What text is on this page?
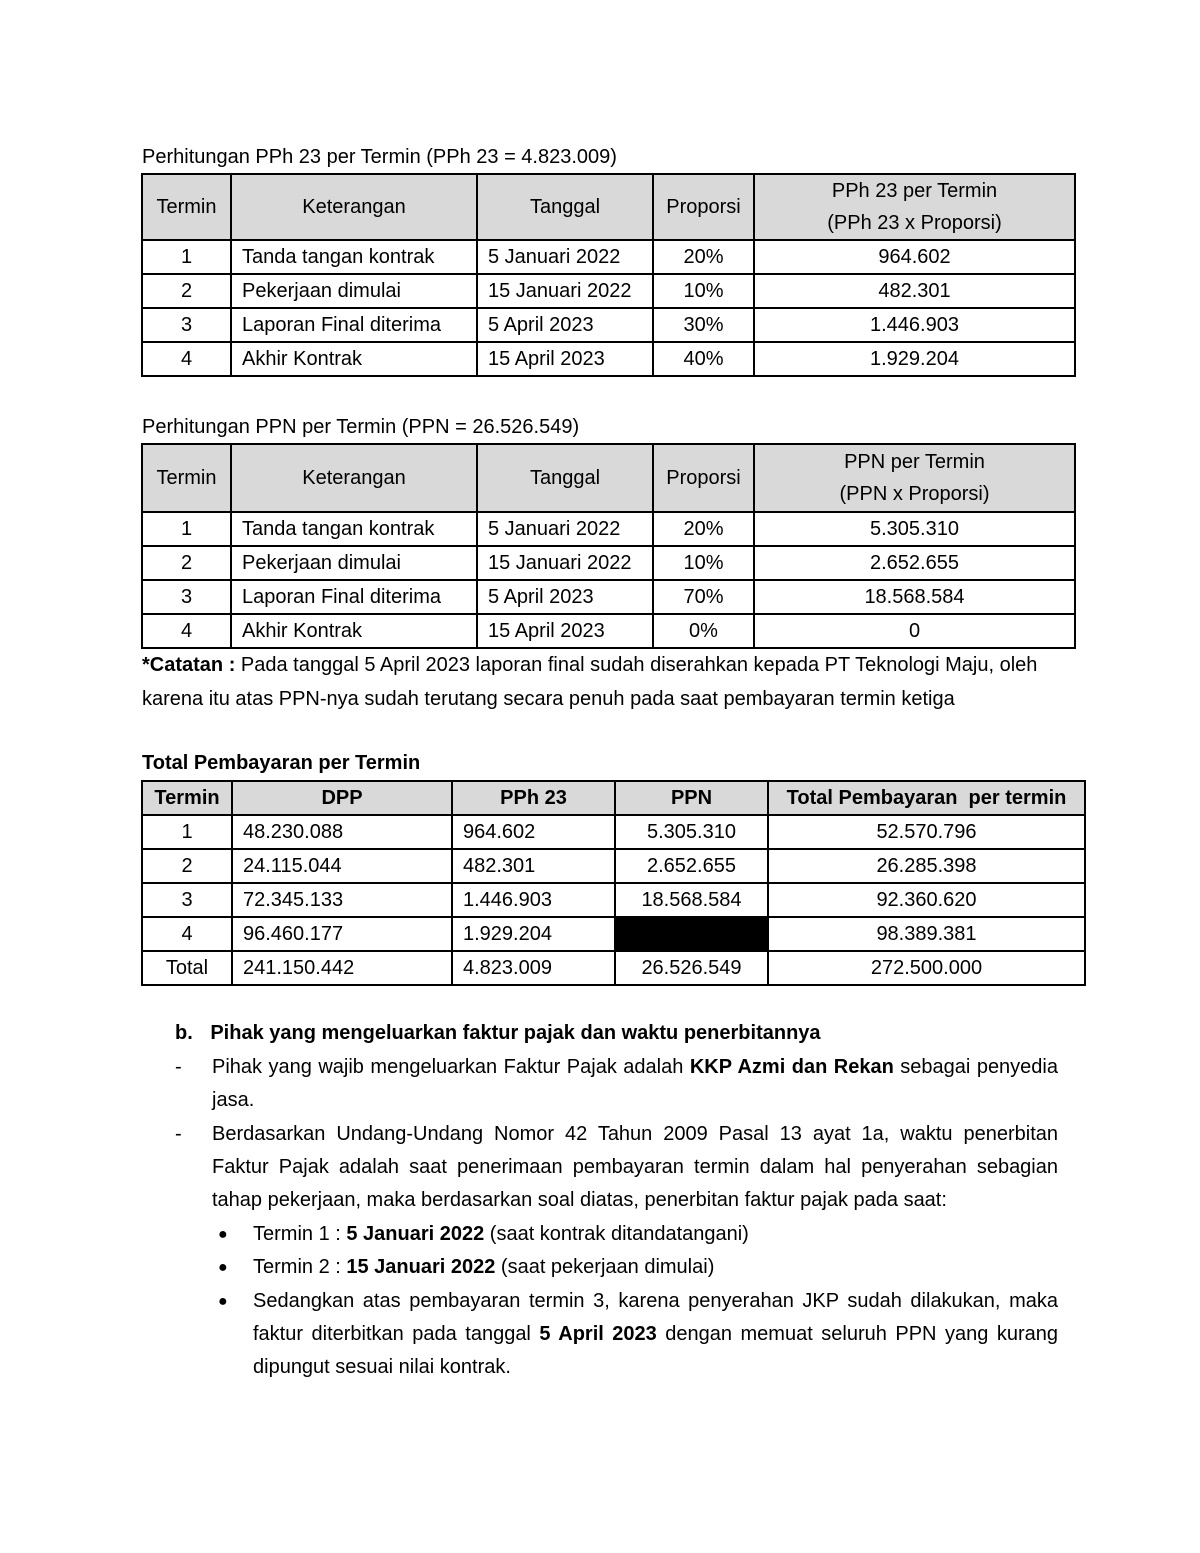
Perhitungan PPh 23 per Termin (PPh 23 = 4.823.009)
Termin	Keterangan	Tanggal	Proporsi	PPh 23 per Termin
(PPh 23 x Proporsi)

1	Tanda tangan kontrak	5 Januari 2022	20%	964.602
2	Pekerjaan dimulai	15 Januari 2022	10%	482.301
3	Laporan Final diterima	5 April 2023	30%	1.446.903
4	Akhir Kontrak	15 April 2023	40%	1.929.204
Perhitungan PPN per Termin (PPN = 26.526.549)
Termin	Keterangan	Tanggal	Proporsi	PPN per Termin
(PPN x Proporsi)

1	Tanda tangan kontrak	5 Januari 2022	20%	5.305.310
2	Pekerjaan dimulai	15 Januari 2022	10%	2.652.655
3	Laporan Final diterima	5 April 2023	70%	18.568.584
4	Akhir Kontrak	15 April 2023	0%	0
*Catatan : Pada tanggal 5 April 2023 laporan final sudah diserahkan kepada PT Teknologi Maju, oleh karena itu atas PPN-nya sudah terutang secara penuh pada saat pembayaran termin ketiga
Total Pembayaran per Termin
Termin	DPP	PPh 23	PPN	Total Pembayaran  per termin
1	48.230.088	964.602	5.305.310	52.570.796
2	24.115.044	482.301	2.652.655	26.285.398
3	72.345.133	1.446.903	18.568.584	92.360.620
4	96.460.177	1.929.204		98.389.381
Total	241.150.442	4.823.009	26.526.549	272.500.000
b. Pihak yang mengeluarkan faktur pajak dan waktu penerbitannya
- Pihak yang wajib mengeluarkan Faktur Pajak adalah KKP Azmi dan Rekan sebagai penyedia jasa.
- Berdasarkan Undang-Undang Nomor 42 Tahun 2009 Pasal 13 ayat 1a, waktu penerbitan Faktur Pajak adalah saat penerimaan pembayaran termin dalam hal penyerahan sebagian tahap pekerjaan, maka berdasarkan soal diatas, penerbitan faktur pajak pada saat:
● Termin 1 : 5 Januari 2022 (saat kontrak ditandatangani)
● Termin 2 : 15 Januari 2022 (saat pekerjaan dimulai)
● Sedangkan atas pembayaran termin 3, karena penyerahan JKP sudah dilakukan, maka faktur diterbitkan pada tanggal 5 April 2023 dengan memuat seluruh PPN yang kurang dipungut sesuai nilai kontrak.
